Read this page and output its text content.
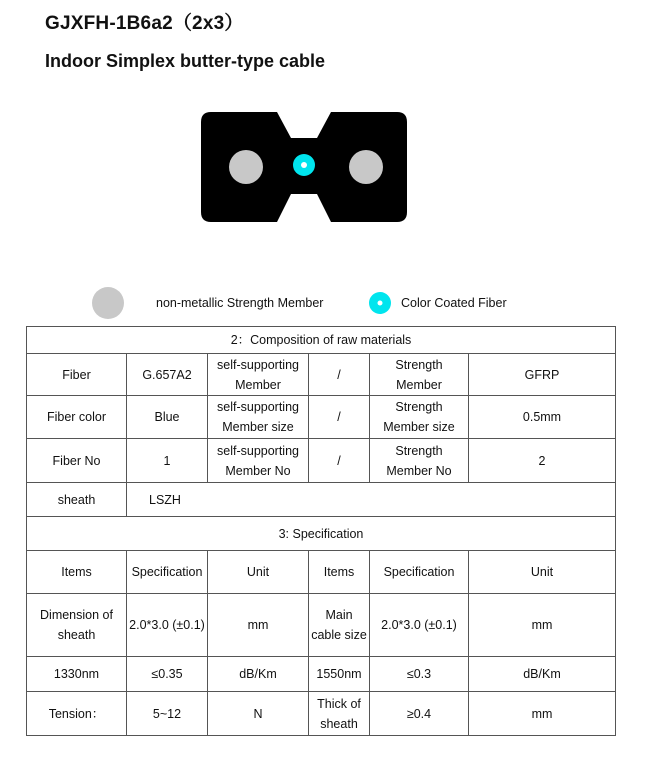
GJXFH-1B6a2（2x3）
Indoor Simplex butter-type cable
non-metallic Strength Member	Color Coated Fiber
2：Composition of raw materials					
Fiber	G.657A2	self-supporting Member	/	Strength Member	GFRP
Fiber color	Blue	self-supporting Member size	/	Strength Member size	0.5mm
Fiber No	1	self-supporting Member No	/	Strength Member No	2
sheath	LSZH				
3: Specification					
Items	Specification	Unit	Items	Specification	Unit
Dimension of sheath	2.0*3.0 (±0.1)	mm	Main cable size	2.0*3.0 (±0.1)	mm
1330nm	≤0.35	dB/Km	1550nm	≤0.3	dB/Km
Tension：	5~12	N	Thick of sheath	≥0.4	mm
